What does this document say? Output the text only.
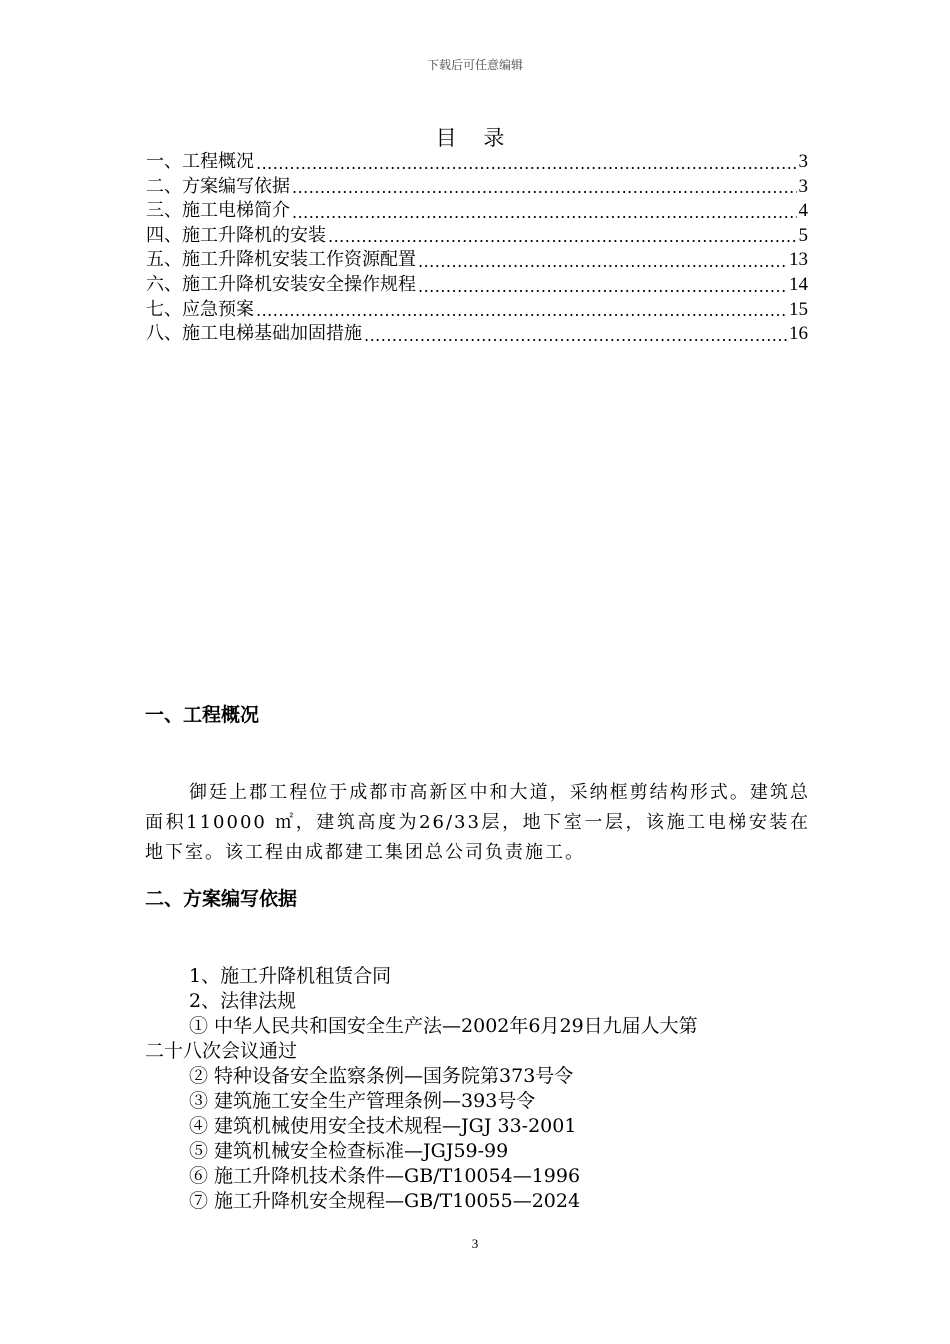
下载后可任意编辑
目 录
一、工程概况 .....	3
二、方案编写依据 .....	3
三、施工电梯简介 .....	4
四、施工升降机的安装 .....	5
五、施工升降机安装工作资源配置 .....	13
六、施工升降机安装安全操作规程 .....	14
七、应急预案 .....	15
八、施工电梯基础加固措施 .....	16
一、工程概况
御廷上郡工程位于成都市高新区中和大道，采纳框剪结构形式。建筑总面积110000 ㎡，建筑高度为26/33层，地下室一层，该施工电梯安装在地下室。该工程由成都建工集团总公司负责施工。
二、方案编写依据
1、施工升降机租赁合同
2、法律法规
① 中华人民共和国安全生产法—2002年6月29日九届人大第
二十八次会议通过
② 特种设备安全监察条例—国务院第373号令
③ 建筑施工安全生产管理条例—393号令
④ 建筑机械使用安全技术规程—JGJ 33-2001
⑤ 建筑机械安全检查标准—JGJ59-99
⑥ 施工升降机技术条件—GB/T10054—1996
⑦ 施工升降机安全规程—GB/T10055—2024
3
